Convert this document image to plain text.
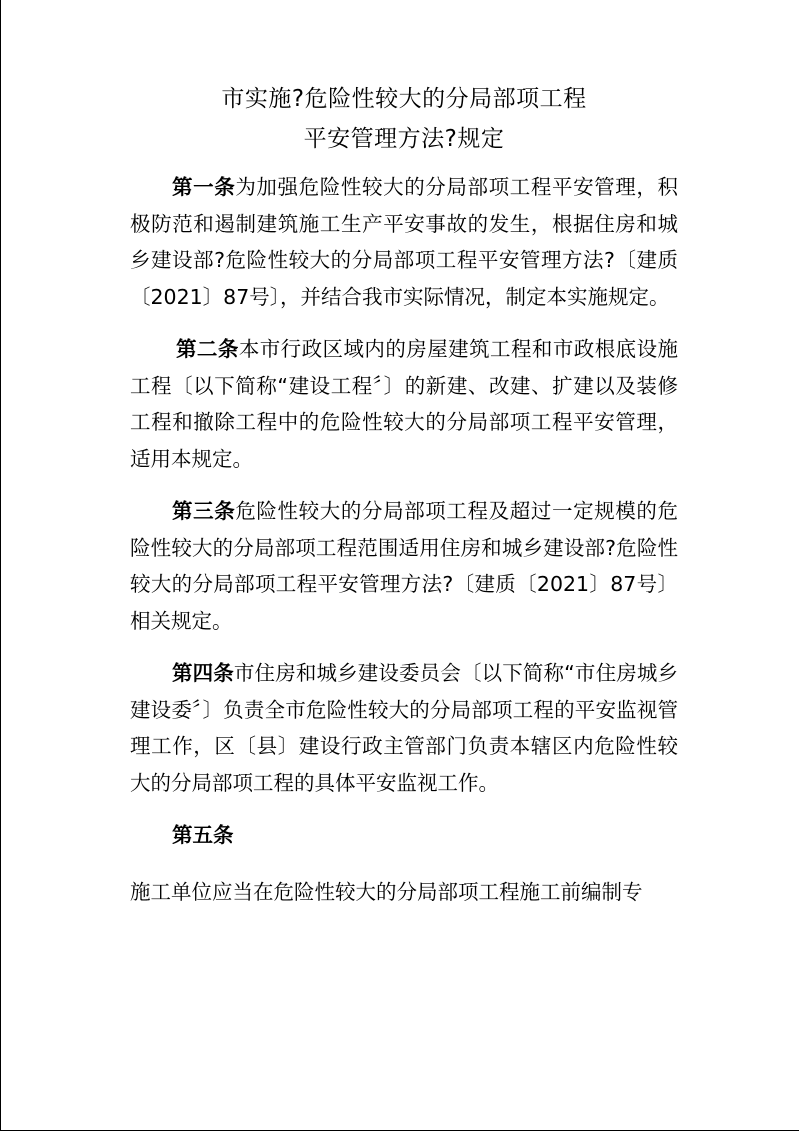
市实施?危险性较大的分局部项工程
平安管理方法?规定

第一条为加强危险性较大的分局部项工程平安管理，积极防范和遏制建筑施工生产平安事故的发生，根据住房和城乡建设部?危险性较大的分局部项工程平安管理方法?〔建质〔2021〕87号〕，并结合我市实际情况，制定本实施规定。

第二条本市行政区域内的房屋建筑工程和市政根底设施工程〔以下简称“建设工程〞〕的新建、改建、扩建以及装修工程和撤除工程中的危险性较大的分局部项工程平安管理，适用本规定。

第三条危险性较大的分局部项工程及超过一定规模的危险性较大的分局部项工程范围适用住房和城乡建设部?危险性较大的分局部项工程平安管理方法?〔建质〔2021〕87号〕相关规定。

第四条市住房和城乡建设委员会〔以下简称“市住房城乡建设委〞〕负责全市危险性较大的分局部项工程的平安监视管理工作，区〔县〕建设行政主管部门负责本辖区内危险性较大的分局部项工程的具体平安监视工作。

第五条

施工单位应当在危险性较大的分局部项工程施工前编制专
